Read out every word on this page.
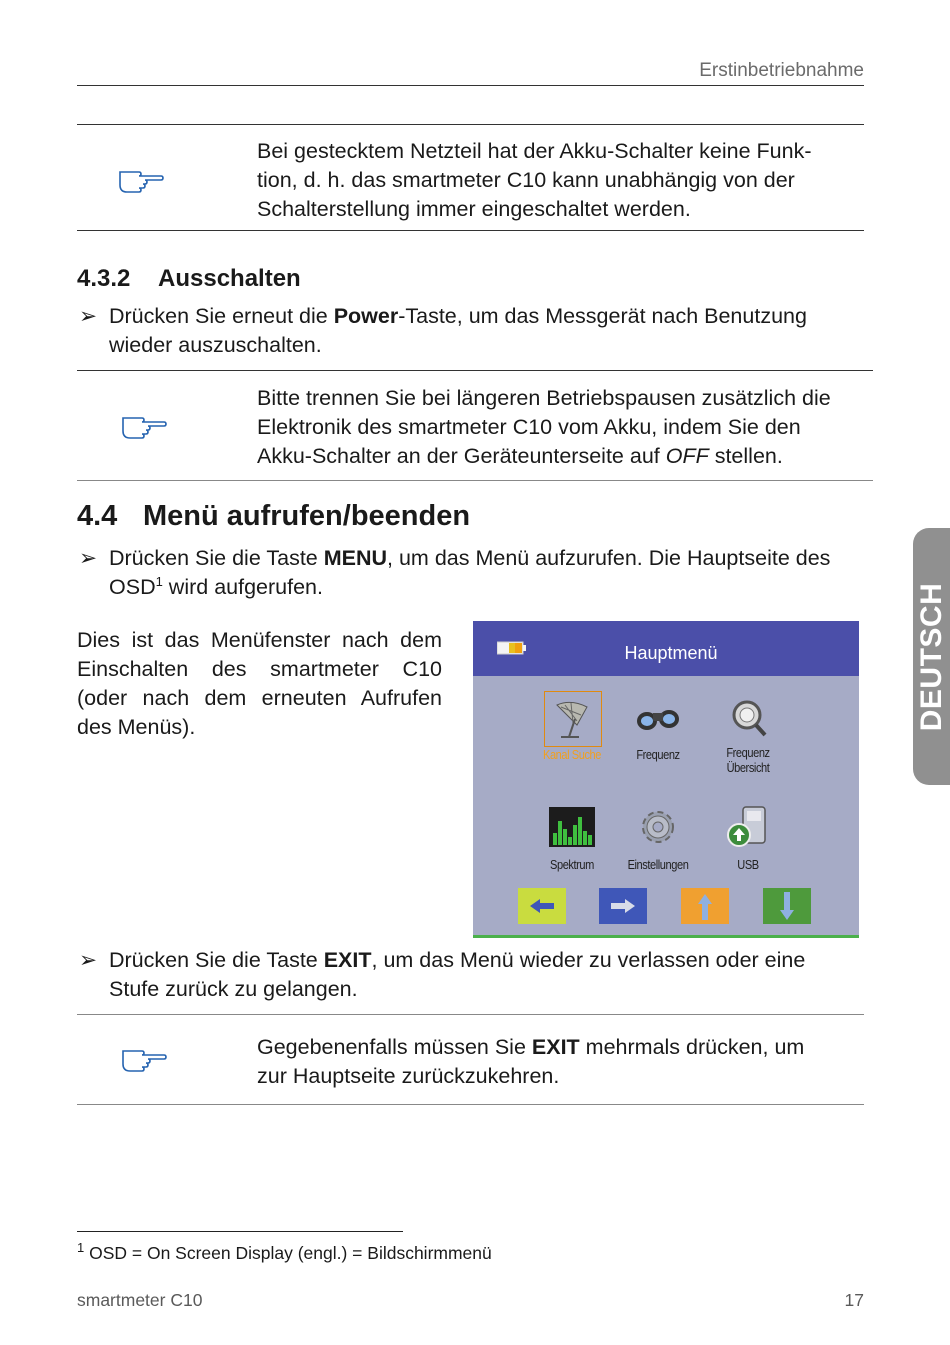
Erstinbetriebnahme
Bei gestecktem Netzteil hat der Akku-Schalter keine Funk-
tion, d. h. das smartmeter C10 kann unabhängig von der
Schalterstellung immer eingeschaltet werden.
4.3.2 Ausschalten
➢ Drücken Sie erneut die Power-Taste, um das Messgerät nach Benutzung
wieder auszuschalten.
Bitte trennen Sie bei längeren Betriebspausen zusätzlich die
Elektronik des smartmeter C10 vom Akku, indem Sie den
Akku-Schalter an der Geräteunterseite auf OFF stellen.
4.4 Menü aufrufen/beenden
➢ Drücken Sie die Taste MENU, um das Menü aufzurufen. Die Hauptseite des
OSD$^1$ wird aufgerufen.
Dies ist das Menüfenster nach dem
Einschalten des smartmeter C10
(oder nach dem erneuten Aufrufen
des Menüs).
Hauptmenü
Kanal Suche	Frequenz	Frequenz Übersicht
Spektrum	Einstellungen	USB
➢ Drücken Sie die Taste EXIT, um das Menü wieder zu verlassen oder eine
Stufe zurück zu gelangen.
Gegebenenfalls müssen Sie EXIT mehrmals drücken, um
zur Hauptseite zurückzukehren.
DEUTSCH
$^1$ OSD = On Screen Display (engl.) = Bildschirmmenü
smartmeter C10	17
